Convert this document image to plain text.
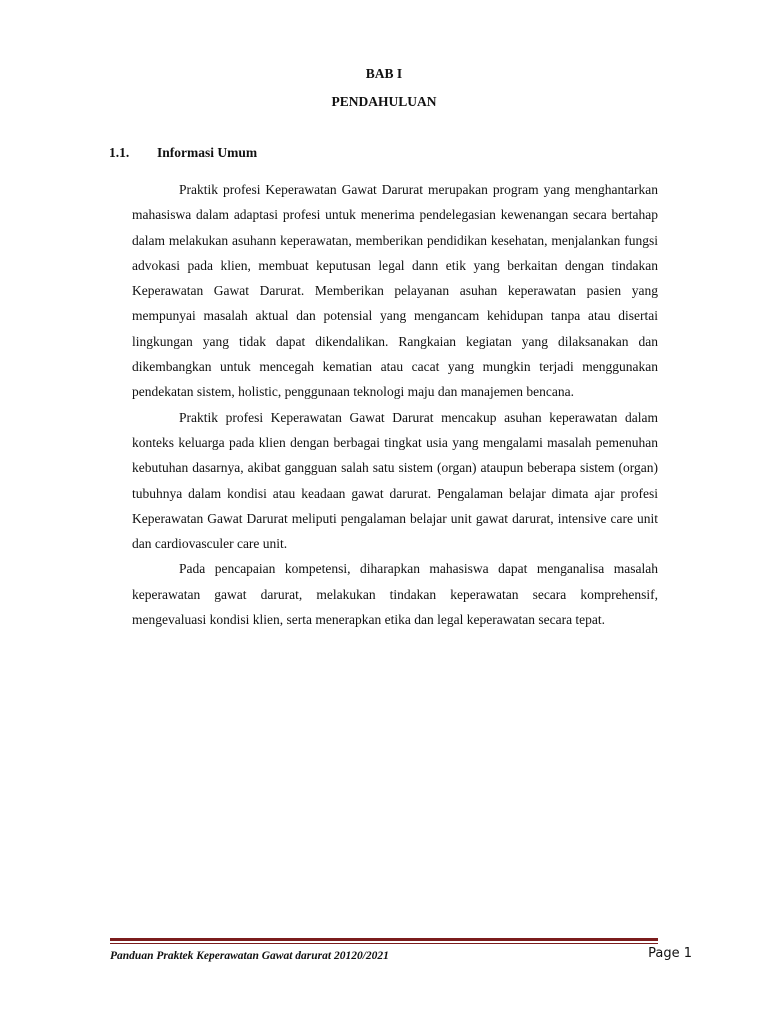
BAB I
PENDAHULUAN
1.1. Informasi Umum

Praktik profesi Keperawatan Gawat Darurat merupakan program yang menghantarkan mahasiswa dalam adaptasi profesi untuk menerima pendelegasian kewenangan secara bertahap dalam melakukan asuhann keperawatan, memberikan pendidikan kesehatan, menjalankan fungsi advokasi pada klien, membuat keputusan legal dann etik yang berkaitan dengan tindakan Keperawatan Gawat Darurat. Memberikan pelayanan asuhan keperawatan pasien yang mempunyai masalah aktual dan potensial yang mengancam kehidupan tanpa atau disertai lingkungan yang tidak dapat dikendalikan. Rangkaian kegiatan yang dilaksanakan dan dikembangkan untuk mencegah kematian atau cacat yang mungkin terjadi menggunakan pendekatan sistem, holistic, penggunaan teknologi maju dan manajemen bencana.

Praktik profesi Keperawatan Gawat Darurat mencakup asuhan keperawatan dalam konteks keluarga pada klien dengan berbagai tingkat usia yang mengalami masalah pemenuhan kebutuhan dasarnya, akibat gangguan salah satu sistem (organ) ataupun beberapa sistem (organ) tubuhnya dalam kondisi atau keadaan gawat darurat. Pengalaman belajar dimata ajar profesi Keperawatan Gawat Darurat meliputi pengalaman belajar unit gawat darurat, intensive care unit dan cardiovasculer care unit.

Pada pencapaian kompetensi, diharapkan mahasiswa dapat menganalisa masalah keperawatan gawat darurat, melakukan tindakan keperawatan secara komprehensif, mengevaluasi kondisi klien, serta menerapkan etika dan legal keperawatan secara tepat.

Panduan Praktek Keperawatan Gawat darurat 20120/2021	Page 1
